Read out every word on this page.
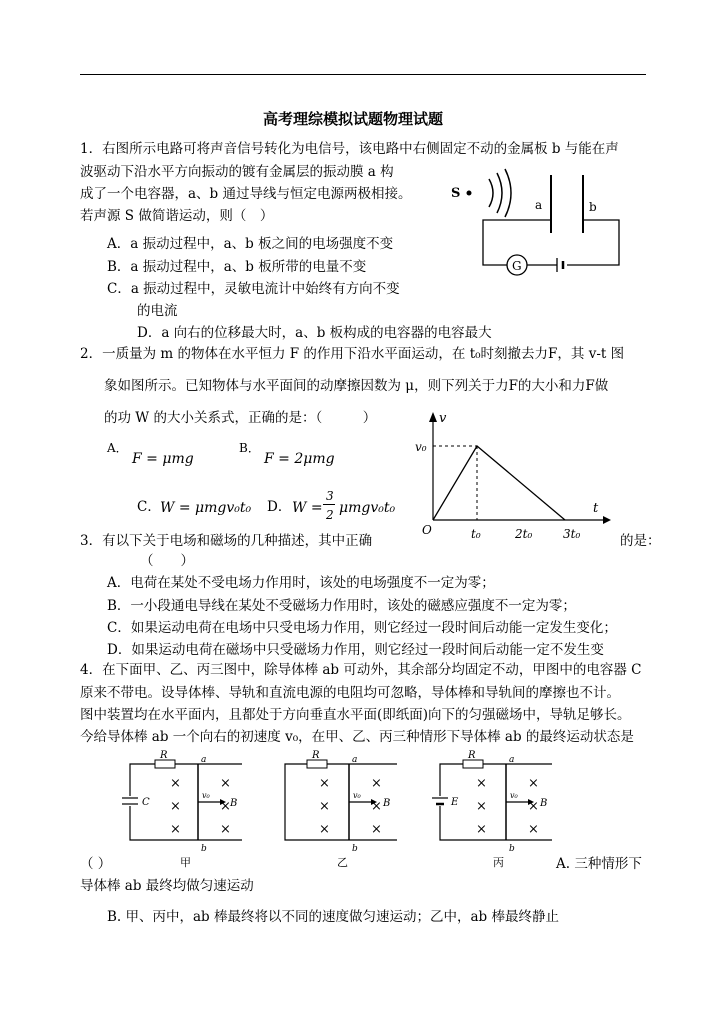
高考理综模拟试题物理试题
1．右图所示电路可将声音信号转化为电信号，该电路中右侧固定不动的金属板 b 与能在声
波驱动下沿水平方向振动的镀有金属层的振动膜 a 构
成了一个电容器，a、b 通过导线与恒定电源两极相接。
若声源 S 做简谐运动，则（　）
A．a 振动过程中，a、b 板之间的电场强度不变
B．a 振动过程中，a、b 板所带的电量不变
C．a 振动过程中，灵敏电流计中始终有方向不变
的电流
D．a 向右的位移最大时，a、b 板构成的电容器的电容最大
S
a	b
G
2．一质量为 m 的物体在水平恒力 F 的作用下沿水平面运动，在 t₀时刻撤去力F，其 v-t 图
象如图所示。已知物体与水平面间的动摩擦因数为 μ，则下列关于力F的大小和力F做
的功 W 的大小关系式，正确的是：（　　　）
A．
F = μmg
B．
F = 2μmg
C． W = μmgv₀t₀ D． W =
3
2 μmgv₀t₀
v
v₀
t
O	t₀	2t₀	3t₀
3．有以下关于电场和磁场的几种描述，其中正确	的是：
（　　）
A．电荷在某处不受电场力作用时，该处的电场强度不一定为零；
B．一小段通电导线在某处不受磁场力作用时，该处的磁感应强度不一定为零；
C．如果运动电荷在电场中只受电场力作用，则它经过一段时间后动能一定发生变化；
D．如果运动电荷在磁场中只受磁场力作用，则它经过一段时间后动能一定不发生变
4．在下面甲、乙、丙三图中，除导体棒 ab 可动外，其余部分均固定不动，甲图中的电容器 C
原来不带电。设导体棒、导轨和直流电源的电阻均可忽略，导体棒和导轨间的摩擦也不计。
图中装置均在水平面内，且都处于方向垂直水平面(即纸面)向下的匀强磁场中，导轨足够长。
今给导体棒 ab 一个向右的初速度 v₀，在甲、乙、丙三种情形下导体棒 ab 的最终运动状态是
R
C
a
b
v₀
B
×
×
×
×
×
×
R	a
b
v₀
B
×
×
×
×
×
×
R
E
a
b
v₀
B
×
×
×
×
×
×
（ ）	甲	乙	丙	A. 三种情形下
导体棒 ab 最终均做匀速运动
B. 甲、丙中，ab 棒最终将以不同的速度做匀速运动；乙中，ab 棒最终静止
